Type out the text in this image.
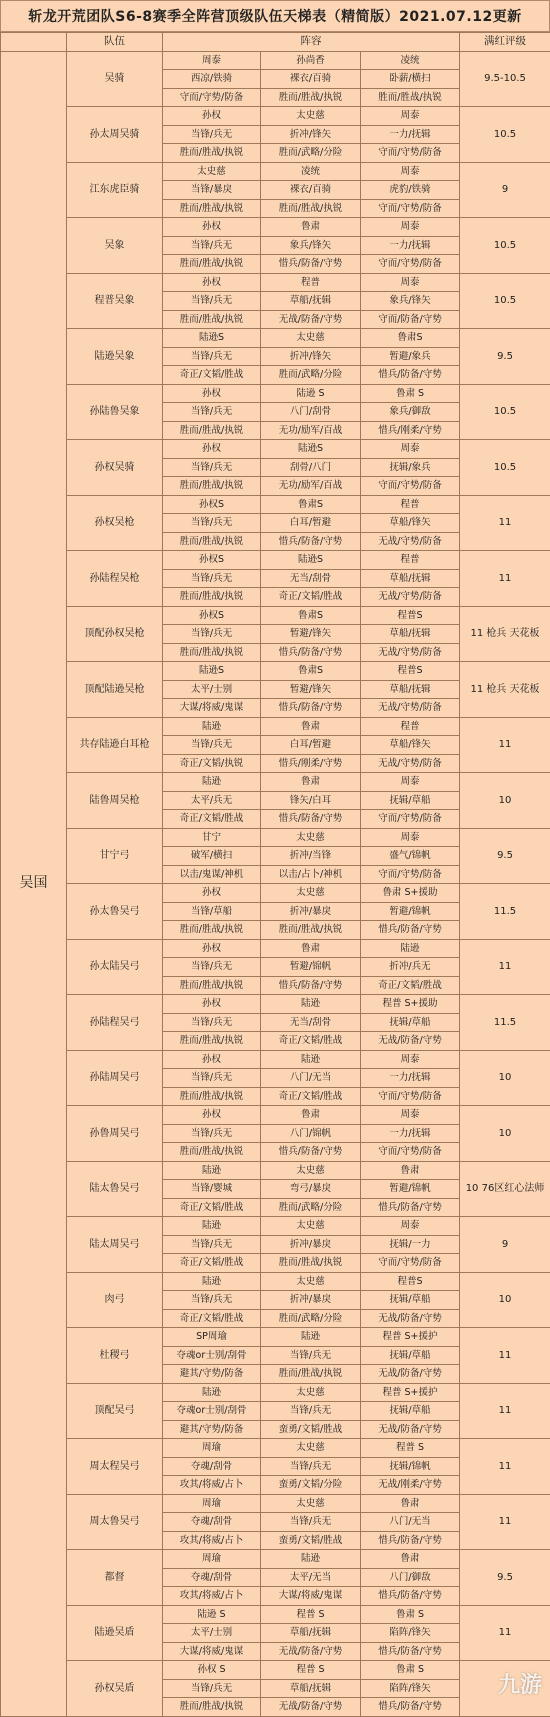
斩龙开荒团队S6-8赛季全阵营顶级队伍天梯表（精简版）2021.07.12更新
	队伍	阵容			满红评级
吴国	吴骑	周泰	孙尚香	凌统	9.5-10.5
		西凉/铁骑	裸衣/百骑	卧薪/横扫	
		守而/守势/防备	胜而/胜战/执锐	胜而/胜战/执锐	
	孙太周吴骑	孙权	太史慈	周泰	10.5
		当锋/兵无	折冲/锋矢	一力/抚辑	
		胜而/胜战/执锐	胜而/武略/分险	守而/守势/防备	
	江东虎臣骑	太史慈	凌统	周泰	9
		当锋/暴戾	裸衣/百骑	虎豹/铁骑	
		胜而/胜战/执锐	胜而/胜战/执锐	守而/守势/防备	
	吴象	孙权	鲁肃	周泰	10.5
		当锋/兵无	象兵/锋矢	一力/抚辑	
		胜而/胜战/执锐	惜兵/防备/守势	守而/守势/防备	
	程普吴象	孙权	程普	周泰	10.5
		当锋/兵无	草船/抚辑	象兵/锋矢	
		胜而/胜战/执锐	无战/防备/守势	守而/防备/守势	
	陆逊吴象	陆逊S	太史慈	鲁肃S	9.5
		当锋/兵无	折冲/锋矢	暂避/象兵	
		奇正/文韬/胜战	胜而/武略/分险	惜兵/防备/守势	
	孙陆鲁吴象	孙权	陆逊 S	鲁肃 S	10.5
		当锋/兵无	八门/刮骨	象兵/御敌	
		胜而/胜战/执锐	无功/励军/百战	惜兵/刚柔/守势	
	孙权吴骑	孙权	陆逊S	周泰	10.5
		当锋/兵无	刮骨/八门	抚辑/象兵	
		胜而/胜战/执锐	无功/励军/百战	守而/守势/防备	
	孙权吴枪	孙权S	鲁肃S	程普	11
		当锋/兵无	白耳/暂避	草船/锋矢	
		胜而/胜战/执锐	惜兵/防备/守势	无战/守势/防备	
	孙陆程吴枪	孙权S	陆逊S	程普	11
		当锋/兵无	无当/刮骨	草船/抚辑	
		胜而/胜战/执锐	奇正/文韬/胜战	无战/守势/防备	
	顶配孙权吴枪	孙权S	鲁肃S	程普S	11 枪兵 天花板
		当锋/兵无	暂避/锋矢	草船/抚辑	
		胜而/胜战/执锐	惜兵/防备/守势	无战/守势/防备	
	顶配陆逊吴枪	陆逊S	鲁肃S	程普S	11 枪兵 天花板
		太平/士别	暂避/锋矢	草船/抚辑	
		大谋/将威/鬼谋	惜兵/防备/守势	无战/守势/防备	
	共存陆逊白耳枪	陆逊	鲁肃	程普	11
		当锋/兵无	白耳/暂避	草船/锋矢	
		奇正/文韬/执锐	惜兵/刚柔/守势	无战/守势/防备	
	陆鲁周吴枪	陆逊	鲁肃	周泰	10
		太平/兵无	锋矢/白耳	抚辑/草船	
		奇正/文韬/胜战	惜兵/防备/守势	守而/守势/防备	
	甘宁弓	甘宁	太史慈	周泰	9.5
		破军/横扫	折冲/当锋	盛气/锦帆	
		以击/鬼谋/神机	以击/占卜/神机	守而/守势/防备	
	孙太鲁吴弓	孙权	太史慈	鲁肃 S+援助	11.5
		当锋/草船	折冲/暴戾	暂避/锦帆	
		胜而/胜战/执锐	胜而/胜战/执锐	惜兵/防备/守势	
	孙太陆吴弓	孙权	鲁肃	陆逊	11
		当锋/兵无	暂避/锦帆	折冲/兵无	
		胜而/胜战/执锐	惜兵/防备/守势	奇正/文韬/胜战	
	孙陆程吴弓	孙权	陆逊	程普 S+援助	11.5
		当锋/兵无	无当/刮骨	抚辑/草船	
		胜而/胜战/执锐	奇正/文韬/胜战	无战/防备/守势	
	孙陆周吴弓	孙权	陆逊	周泰	10
		当锋/兵无	八门/无当	一力/抚辑	
		胜而/胜战/执锐	奇正/文韬/胜战	守而/守势/防备	
	孙鲁周吴弓	孙权	鲁肃	周泰	10
		当锋/兵无	八门/锦帆	一力/抚辑	
		胜而/胜战/执锐	惜兵/防备/守势	守而/守势/防备	
	陆太鲁吴弓	陆逊	太史慈	鲁肃	10 76区红心法师
		当锋/婴城	弯弓/暴戾	暂避/锦帆	
		奇正/文韬/胜战	胜而/武略/分险	惜兵/防备/守势	
	陆太周吴弓	陆逊	太史慈	周泰	9
		当锋/兵无	折冲/暴戾	抚辑/一力	
		奇正/文韬/胜战	胜而/胜战/执锐	守而/守势/防备	
	肉弓	陆逊	太史慈	程普S	10
		当锋/兵无	折冲/暴戾	抚辑/草船	
		奇正/文韬/胜战	胜而/武略/分险	无战/防备/守势	
	杜稷弓	SP周瑜	陆逊	程普 S+援护	11
		夺魂or士别/刮骨	当锋/兵无	抚辑/草船	
		避其/守势/防备	胜而/胜战/执锐	无战/防备/守势	
	顶配吴弓	陆逊	太史慈	程普 S+援护	11
		夺魂or士别/刮骨	当锋/兵无	抚辑/草船	
		避其/守势/防备	蛮勇/文韬/胜战	无战/防备/守势	
	周太程吴弓	周瑜	太史慈	程普 S	11
		夺魂/刮骨	当锋/兵无	抚辑/锦帆	
		攻其/将威/占卜	蛮勇/文韬/分险	无战/刚柔/守势	
	周太鲁吴弓	周瑜	太史慈	鲁肃	11
		夺魂/刮骨	当锋/兵无	八门/无当	
		攻其/将威/占卜	蛮勇/文韬/胜战	惜兵/防备/守势	
	都督	周瑜	陆逊	鲁肃	9.5
		夺魂/刮骨	太平/无当	八门/御敌	
		攻其/将威/占卜	大谋/将威/鬼谋	惜兵/防备/守势	
	陆逊吴盾	陆逊 S	程普 S	鲁肃 S	11
		太平/士别	草船/抚辑	陷阵/锋矢	
		大谋/将威/鬼谋	无战/防备/守势	惜兵/防备/守势	
	孙权吴盾	孙权 S	程普 S	鲁肃 S	
		当锋/兵无	草船/抚辑	陷阵/锋矢	
		胜而/胜战/执锐	无战/防备/守势	惜兵/防备/守势	
九游
